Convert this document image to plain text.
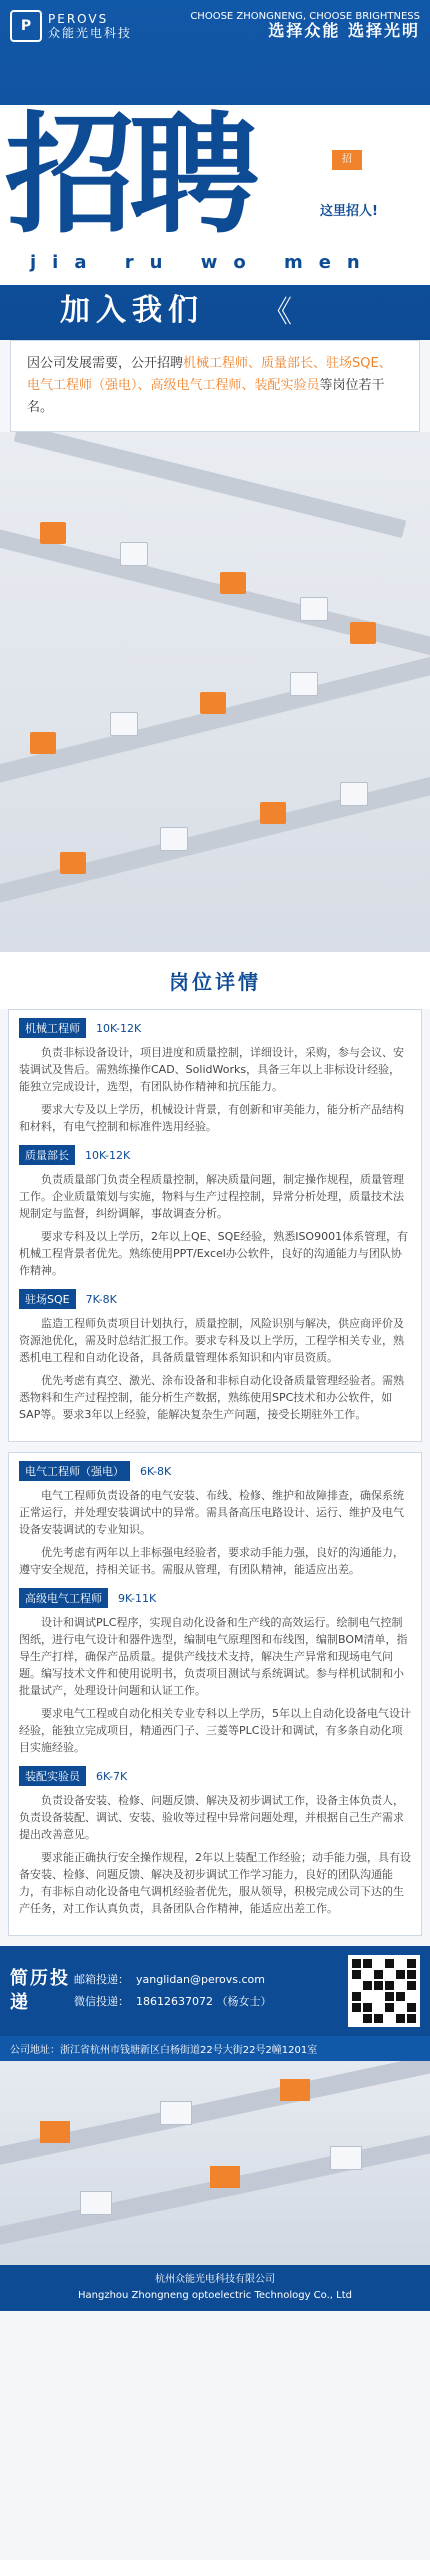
P	PEROVS
众能光电科技
CHOOSE ZHONGNENG, CHOOSE BRIGHTNESS
选择众能 选择光明
招聘	招
这里招人!
jia ru wo men
加入我们 《
因公司发展需要，公开招聘机械工程师、质量部长、驻场SQE、电气工程师（强电）、高级电气工程师、装配实验员等岗位若干名。
岗位详情
机械工程师	10K-12K

负责非标设备设计，项目进度和质量控制，详细设计，采购，参与会议、安装调试及售后。需熟练操作CAD、SolidWorks，具备三年以上非标设计经验，能独立完成设计，选型，有团队协作精神和抗压能力。

要求大专及以上学历，机械设计背景，有创新和审美能力，能分析产品结构和材料，有电气控制和标准件选用经验。

质量部长	10K-12K

负责质量部门负责全程质量控制，解决质量问题，制定操作规程，质量管理工作。企业质量策划与实施，物料与生产过程控制，异常分析处理，质量技术法规制定与监督，纠纷调解，事故调查分析。

要求专科及以上学历，2年以上QE、SQE经验，熟悉ISO9001体系管理，有机械工程背景者优先。熟练使用PPT/Excel办公软件，良好的沟通能力与团队协作精神。

驻场SQE	7K-8K

监造工程师负责项目计划执行，质量控制，风险识别与解决，供应商评价及资源池优化，需及时总结汇报工作。要求专科及以上学历，工程学相关专业，熟悉机电工程和自动化设备，具备质量管理体系知识和内审员资质。

优先考虑有真空、激光、涂布设备和非标自动化设备质量管理经验者。需熟悉物料和生产过程控制，能分析生产数据，熟练使用SPC技术和办公软件，如SAP等。要求3年以上经验，能解决复杂生产问题，接受长期驻外工作。

电气工程师（强电）	6K-8K

电气工程师负责设备的电气安装、布线、检修、维护和故障排查，确保系统正常运行，并处理安装调试中的异常。需具备高压电路设计、运行、维护及电气设备安装调试的专业知识。

优先考虑有两年以上非标强电经验者，要求动手能力强，良好的沟通能力，遵守安全规范，持相关证书。需服从管理，有团队精神，能适应出差。

高级电气工程师	9K-11K

设计和调试PLC程序，实现自动化设备和生产线的高效运行。绘制电气控制图纸，进行电气设计和器件选型，编制电气原理图和布线图，编制BOM清单，指导生产打样，确保产品质量。提供产线技术支持，解决生产异常和现场电气问题。编写技术文件和使用说明书，负责项目测试与系统调试。参与样机试制和小批量试产，处理设计问题和认证工作。

要求电气工程或自动化相关专业专科以上学历，5年以上自动化设备电气设计经验，能独立完成项目，精通西门子、三菱等PLC设计和调试，有多条自动化项目实施经验。

装配实验员	6K-7K

负责设备安装、检修、问题反馈、解决及初步调试工作，设备主体负责人，负责设备装配、调试、安装、验收等过程中异常问题处理，并根据自己生产需求提出改善意见。

要求能正确执行安全操作规程，2年以上装配工作经验；动手能力强，具有设备安装、检修、问题反馈、解决及初步调试工作学习能力，良好的团队沟通能力，有非标自动化设备电气调机经验者优先，服从领导，积极完成公司下达的生产任务，对工作认真负责，具备团队合作精神，能适应出差工作。

简历投递
邮箱投递： yanglidan@perovs.com
微信投递： 18612637072 （杨女士）
公司地址：浙江省杭州市钱塘新区白杨街道22号大街22号2幢1201室
杭州众能光电科技有限公司
Hangzhou Zhongneng optoelectric Technology Co., Ltd
